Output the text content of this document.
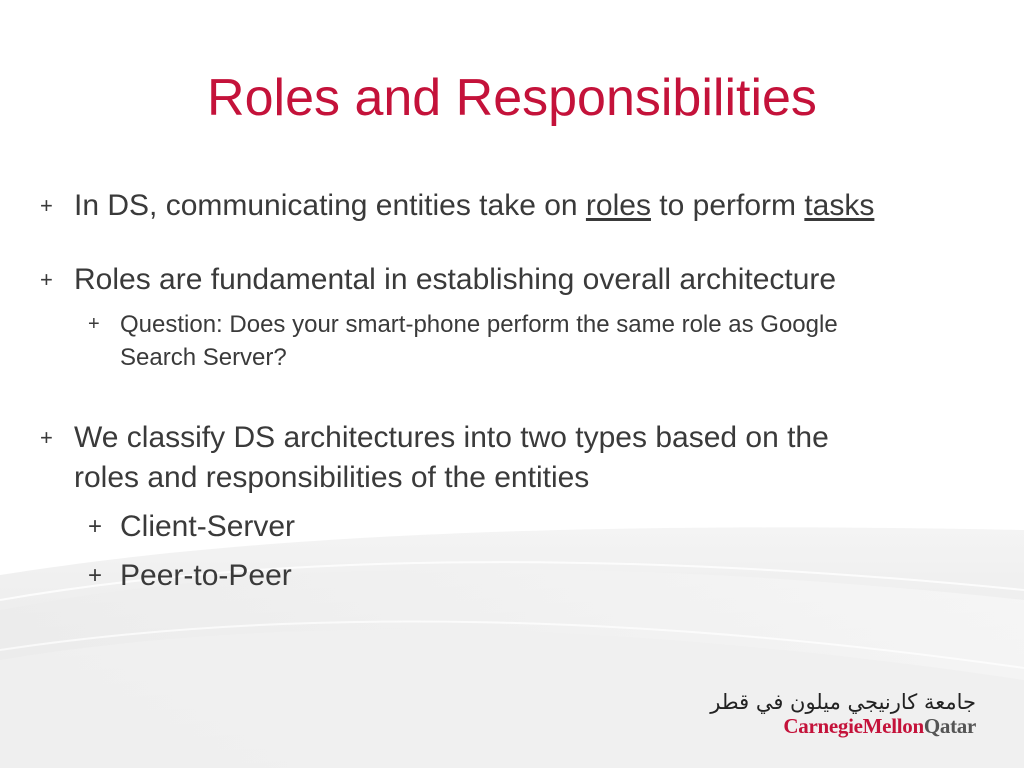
Roles and Responsibilities
+ In DS, communicating entities take on roles to perform tasks
+ Roles are fundamental in establishing overall architecture
+ Question: Does your smart-phone perform the same role as Google
Search Server?
+ We classify DS architectures into two types based on the
roles and responsibilities of the entities
+ Client-Server
+ Peer-to-Peer
جامعة كارنيجي ميلون في قطر
CarnegieMellonQatar
